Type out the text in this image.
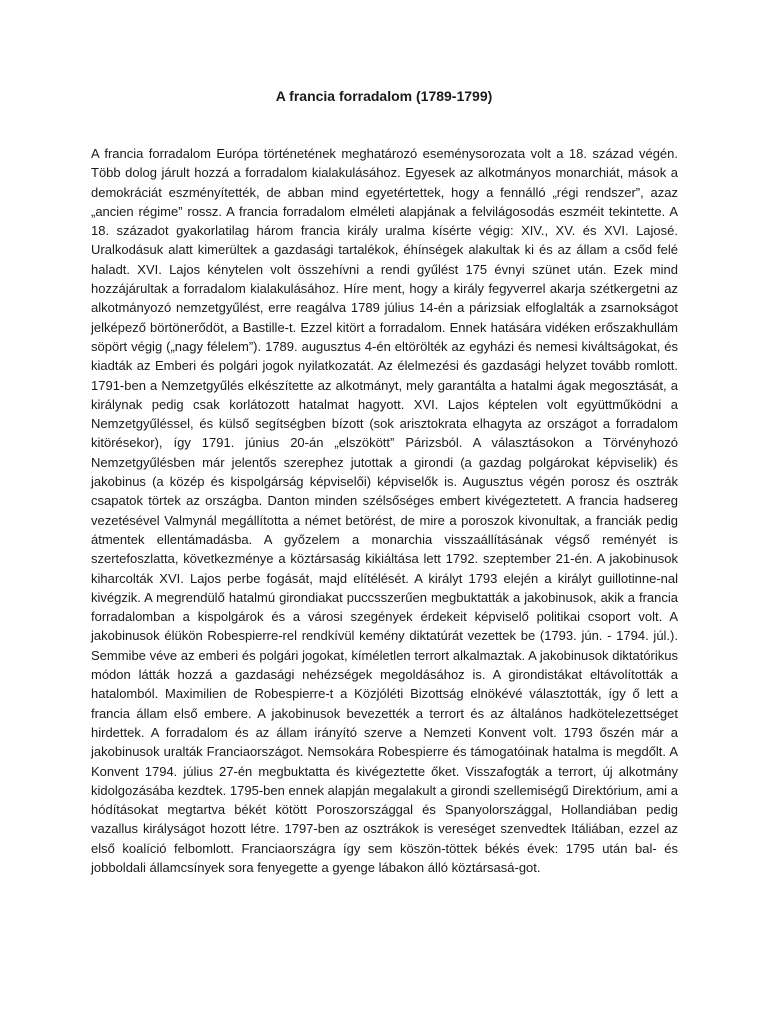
A francia forradalom (1789-1799)

A francia forradalom Európa történetének meghatározó eseménysorozata volt a 18. század végén. Több dolog járult hozzá a forradalom kialakulásához. Egyesek az alkotmányos monarchiát, mások a demokráciát eszményítették, de abban mind egyetértettek, hogy a fennálló „régi rendszer”, azaz „ancien régime” rossz. A francia forradalom elméleti alapjának a felvilágosodás eszméit tekintette. A 18. századot gyakorlatilag három francia király uralma kísérte végig: XIV., XV. és XVI. Lajosé. Uralkodásuk alatt kimerültek a gazdasági tartalékok, éhínségek alakultak ki és az állam a csőd felé haladt. XVI. Lajos kénytelen volt összehívni a rendi gyűlést 175 évnyi szünet után. Ezek mind hozzájárultak a forradalom kialakulásához. Híre ment, hogy a király fegyverrel akarja szétkergetni az alkotmányozó nemzetgyűlést, erre reagálva 1789 július 14-én a párizsiak elfoglalták a zsarnokságot jelképező börtönerődöt, a Bastille-t. Ezzel kitört a forradalom. Ennek hatására vidéken erőszakhullám söpört végig („nagy félelem”). 1789. augusztus 4-én eltörölték az egyházi és nemesi kiváltságokat, és kiadták az Emberi és polgári jogok nyilatkozatát. Az élelmezési és gazdasági helyzet tovább romlott. 1791-ben a Nemzetgyűlés elkészítette az alkotmányt, mely garantálta a hatalmi ágak megosztását, a királynak pedig csak korlátozott hatalmat hagyott. XVI. Lajos képtelen volt együttműködni a Nemzetgyűléssel, és külső segítségben bízott (sok arisztokrata elhagyta az országot a forradalom kitörésekor), így 1791. június 20-án „elszökött” Párizsból. A választásokon a Törvényhozó Nemzetgyűlésben már jelentős szerephez jutottak a girondi (a gazdag polgárokat képviselik) és jakobinus (a közép és kispolgárság képviselői) képviselők is. Augusztus végén porosz és osztrák csapatok törtek az országba. Danton minden szélsőséges embert kivégeztetett. A francia hadsereg vezetésével Valmynál megállította a német betörést, de mire a poroszok kivonultak, a franciák pedig átmentek ellentámadásba. A győzelem a monarchia visszaállításának végső reményét is szertefoszlatta, következménye a köztársaság kikiáltása lett 1792. szeptember 21-én. A jakobinusok kiharcolták XVI. Lajos perbe fogását, majd elítélését. A királyt 1793 elején a királyt guillotinne-nal kivégzik. A megrendülő hatalmú girondiakat puccsszerűen megbuktatták a jakobinusok, akik a francia forradalomban a kispolgárok és a városi szegények érdekeit képviselő politikai csoport volt. A jakobinusok élükön Robespierre-rel rendkívül kemény diktatúrát vezettek be (1793. jún. - 1794. júl.). Semmibe véve az emberi és polgári jogokat, kíméletlen terrort alkalmaztak. A jakobinusok diktatórikus módon látták hozzá a gazdasági nehézségek megoldásához is. A girondistákat eltávolították a hatalomból. Maximilien de Robespierre-t a Közjóléti Bizottság elnökévé választották, így ő lett a francia állam első embere. A jakobinusok bevezették a terrort és az általános hadkötelezettséget hirdettek. A forradalom és az állam irányító szerve a Nemzeti Konvent volt. 1793 őszén már a jakobinusok uralták Franciaországot. Nemsokára Robespierre és támogatóinak hatalma is megdőlt. A Konvent 1794. július 27-én megbuktatta és kivégeztette őket. Visszafogták a terrort, új alkotmány kidolgozásába kezdtek. 1795-ben ennek alapján megalakult a girondi szellemiségű Direktórium, ami a hódításokat megtartva békét kötött Poroszországgal és Spanyolországgal, Hollandiában pedig vazallus királyságot hozott létre. 1797-ben az osztrákok is vereséget szenvedtek Itáliában, ezzel az első koalíció felbomlott. Franciaországra így sem köszön-töttek békés évek: 1795 után bal- és jobboldali államcsínyek sora fenyegette a gyenge lábakon álló köztársasá-got.
